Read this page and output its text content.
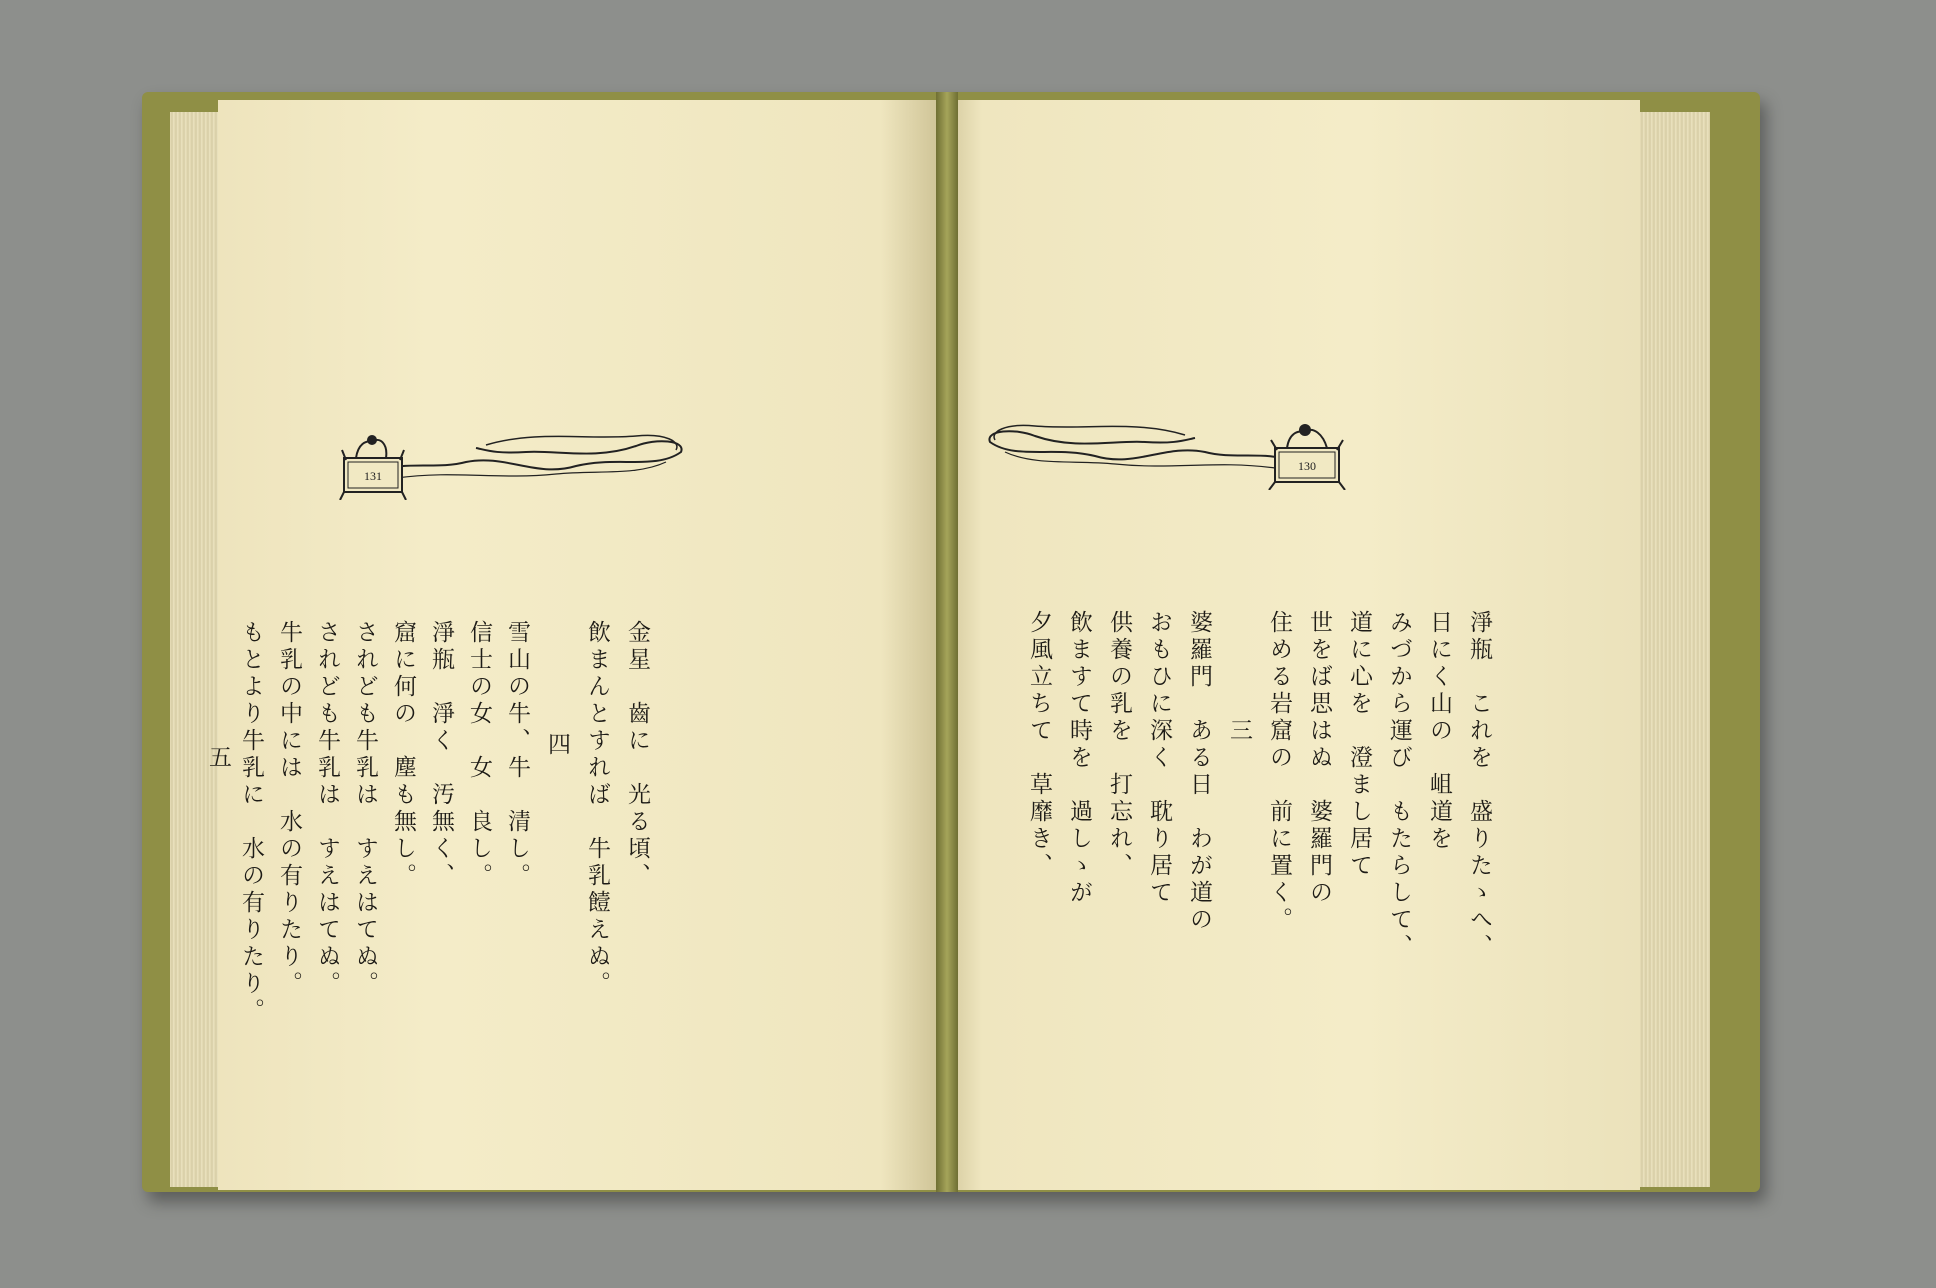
131
金星　齒に　光る頃、
飲まんとすれば　牛乳饐えぬ。
四
雪山の牛、牛　清し。
信士の女　女　良し。
淨瓶　淨く　汚無く、
窟に何の　塵も無し。
されども牛乳は　すえはてぬ。
されども牛乳は　すえはてぬ。
牛乳の中には　水の有りたり。
もとより牛乳に　水の有りたり。
五
130
淨瓶　これを　盛りたゝへ、
日にく山の　岨道を
みづから運び　もたらして、
道に心を　澄まし居て
世をば思はぬ　婆羅門の
住める岩窟の　前に置く。
三
婆羅門　ある日　わが道の
おもひに深く　耽り居て
供養の乳を　打忘れ、
飲ますて時を　過しゝが
夕風立ちて　草靡き、
